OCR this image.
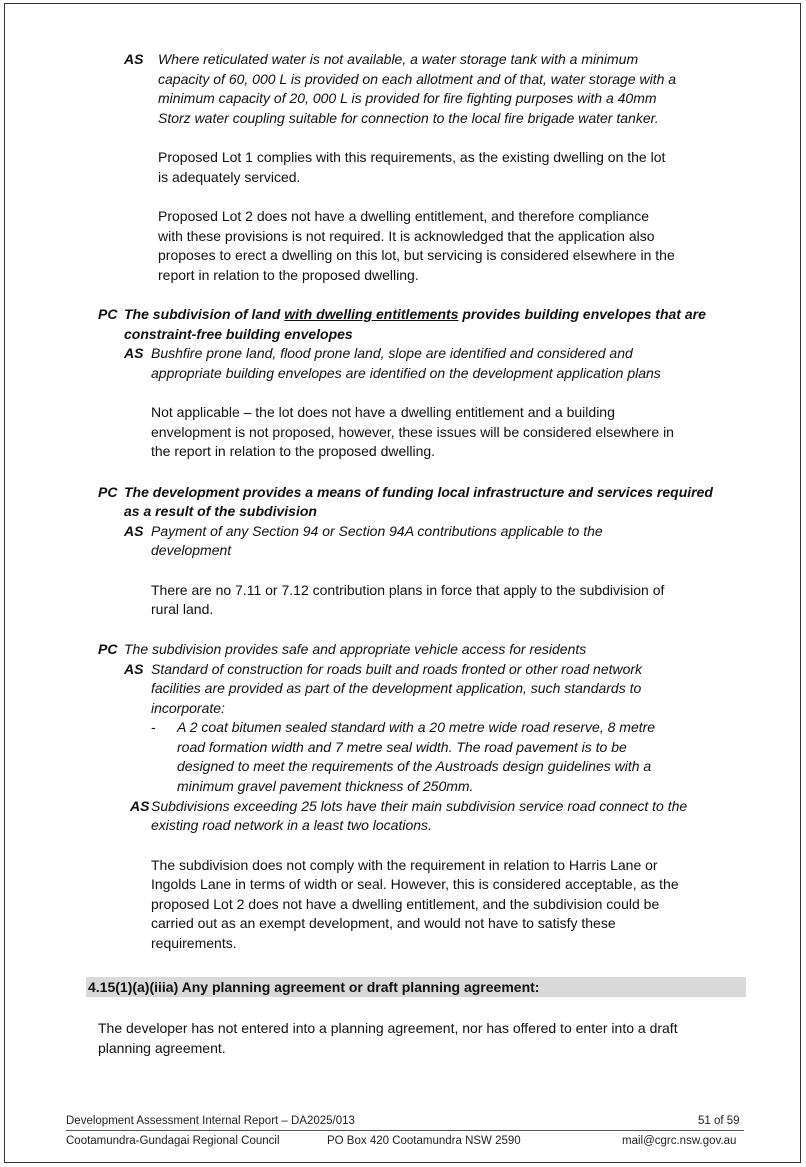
AS Where reticulated water is not available, a water storage tank with a minimum
capacity of 60, 000 L is provided on each allotment and of that, water storage with a
minimum capacity of 20, 000 L is provided for fire fighting purposes with a 40mm
Storz water coupling suitable for connection to the local fire brigade water tanker.
Proposed Lot 1 complies with this requirements, as the existing dwelling on the lot
is adequately serviced.
Proposed Lot 2 does not have a dwelling entitlement, and therefore compliance
with these provisions is not required. It is acknowledged that the application also
proposes to erect a dwelling on this lot, but servicing is considered elsewhere in the
report in relation to the proposed dwelling.
PC The subdivision of land with dwelling entitlements provides building envelopes that are
constraint-free building envelopes
AS Bushfire prone land, flood prone land, slope are identified and considered and
appropriate building envelopes are identified on the development application plans
Not applicable – the lot does not have a dwelling entitlement and a building
envelopment is not proposed, however, these issues will be considered elsewhere in
the report in relation to the proposed dwelling.
PC The development provides a means of funding local infrastructure and services required
as a result of the subdivision
AS Payment of any Section 94 or Section 94A contributions applicable to the
development
There are no 7.11 or 7.12 contribution plans in force that apply to the subdivision of
rural land.
PC The subdivision provides safe and appropriate vehicle access for residents
AS Standard of construction for roads built and roads fronted or other road network
facilities are provided as part of the development application, such standards to
incorporate:
- A 2 coat bitumen sealed standard with a 20 metre wide road reserve, 8 metre
road formation width and 7 metre seal width. The road pavement is to be
designed to meet the requirements of the Austroads design guidelines with a
minimum gravel pavement thickness of 250mm.
AS Subdivisions exceeding 25 lots have their main subdivision service road connect to the
existing road network in a least two locations.
The subdivision does not comply with the requirement in relation to Harris Lane or
Ingolds Lane in terms of width or seal. However, this is considered acceptable, as the
proposed Lot 2 does not have a dwelling entitlement, and the subdivision could be
carried out as an exempt development, and would not have to satisfy these
requirements.
4.15(1)(a)(iiia) Any planning agreement or draft planning agreement:
The developer has not entered into a planning agreement, nor has offered to enter into a draft
planning agreement.
Development Assessment Internal Report – DA2025/013	51 of 59
Cootamundra-Gundagai Regional Council	PO Box 420 Cootamundra NSW 2590	mail@cgrc.nsw.gov.au
